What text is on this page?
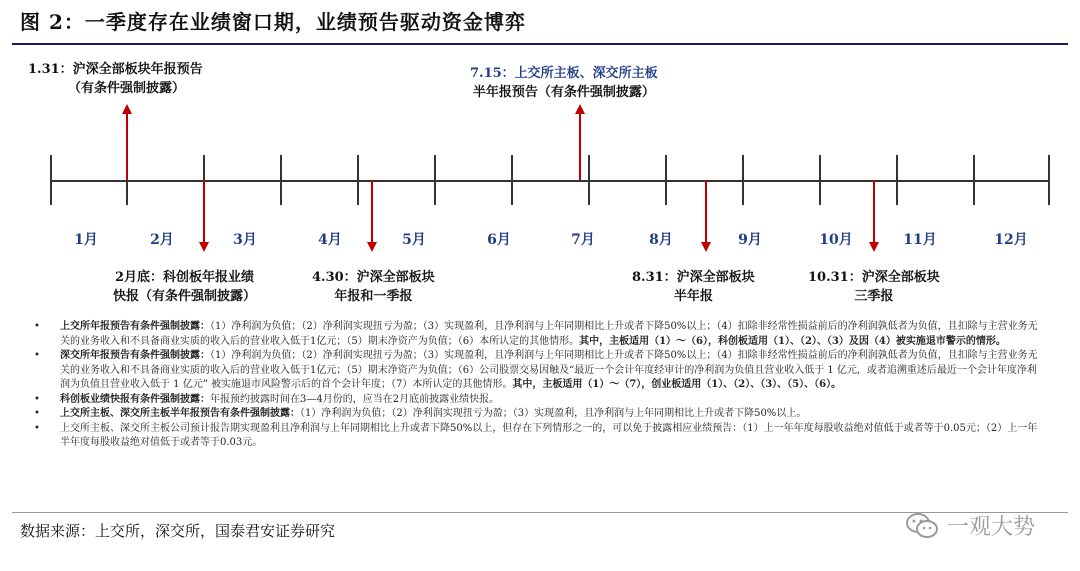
图 2：一季度存在业绩窗口期，业绩预告驱动资金博弈
1月	2月	3月	4月	5月	6月	7月	8月	9月	10月	11月	12月
1.31：沪深全部板块年报预告
（有条件强制披露）
7.15：上交所主板、深交所主板
半年报预告（有条件强制披露）
2月底：科创板年报业绩
快报（有条件强制披露）
4.30：沪深全部板块
年报和一季报
8.31：沪深全部板块
半年报
10.31：沪深全部板块
三季报

• 上交所年报预告有条件强制披露：（1）净利润为负值；（2）净利润实现扭亏为盈；（3）实现盈利，且净利润与上年同期相比上升或者下降50%以上；（4）扣除非经常性损益前后的净利润孰低者为负值，且扣除与主营业务无关的业务收入和不具备商业实质的收入后的营业收入低于1亿元；（5）期末净资产为负值；（6）本所认定的其他情形。其中，主板适用（1）～（6），科创板适用（1）、（2）、（3）及因（4）被实施退市警示的情形。

• 深交所年报预告有条件强制披露：（1）净利润为负值；（2）净利润实现扭亏为盈；（3）实现盈利，且净利润与上年同期相比上升或者下降50%以上；（4）扣除非经常性损益前后的净利润孰低者为负值，且扣除与主营业务无关的业务收入和不具备商业实质的收入后的营业收入低于1亿元；（5）期末净资产为负值；（6）公司股票交易因触及“最近一个会计年度经审计的净利润为负值且营业收入低于 1 亿元，或者追溯重述后最近一个会计年度净利润为负值且营业收入低于 1 亿元” 被实施退市风险警示后的首个会计年度；（7）本所认定的其他情形。其中，主板适用（1）～（7），创业板适用（1）、（2）、（3）、（5）、（6）。

• 科创板业绩快报有条件强制披露：年报预约披露时间在3—4月份的，应当在2月底前披露业绩快报。

• 上交所主板、深交所主板半年报预告有条件强制披露：（1）净利润为负值；（2）净利润实现扭亏为盈；（3）实现盈利，且净利润与上年同期相比上升或者下降50%以上。

• 上交所主板、深交所主板公司预计报告期实现盈利且净利润与上年同期相比上升或者下降50%以上，但存在下列情形之一的，可以免于披露相应业绩预告：（1）上一年年度每股收益绝对值低于或者等于0.05元；（2）上一年半年度每股收益绝对值低于或者等于0.03元。

数据来源：上交所，深交所，国泰君安证券研究	一观大势
